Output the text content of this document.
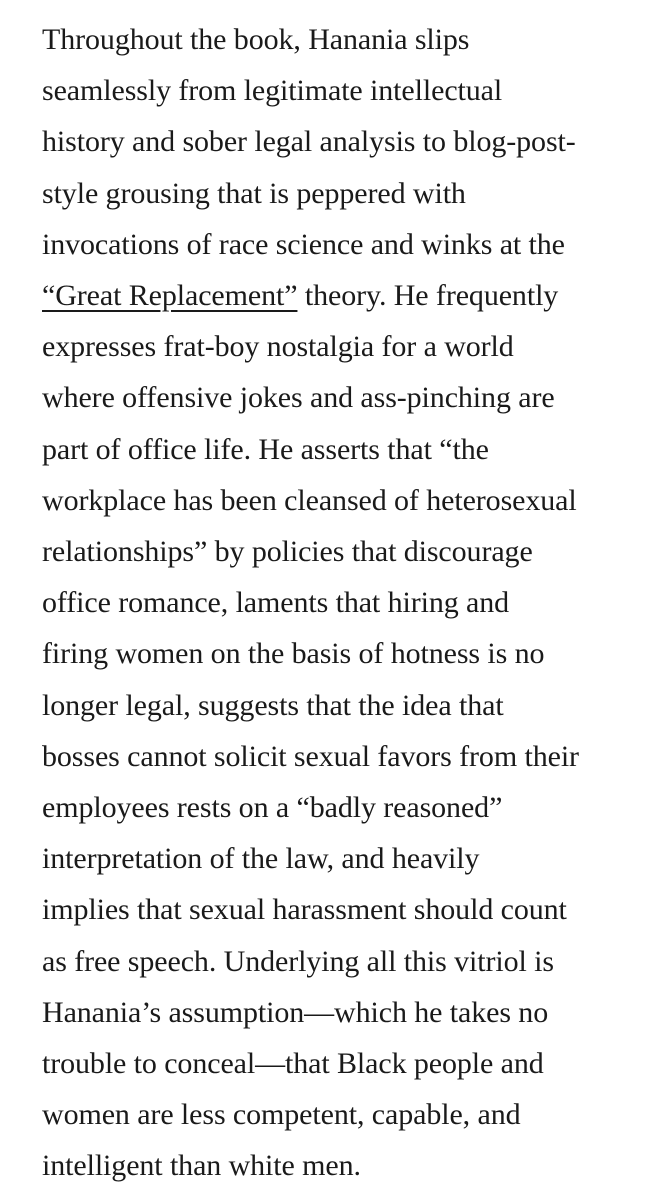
Throughout the book, Hanania slips
seamlessly from legitimate intellectual
history and sober legal analysis to blog-post-
style grousing that is peppered with
invocations of race science and winks at the
“Great Replacement” theory. He frequently
expresses frat-boy nostalgia for a world
where offensive jokes and ass-pinching are
part of office life. He asserts that “the
workplace has been cleansed of heterosexual
relationships” by policies that discourage
office romance, laments that hiring and
firing women on the basis of hotness is no
longer legal, suggests that the idea that
bosses cannot solicit sexual favors from their
employees rests on a “badly reasoned”
interpretation of the law, and heavily
implies that sexual harassment should count
as free speech. Underlying all this vitriol is
Hanania’s assumption—which he takes no
trouble to conceal—that Black people and
women are less competent, capable, and
intelligent than white men.
